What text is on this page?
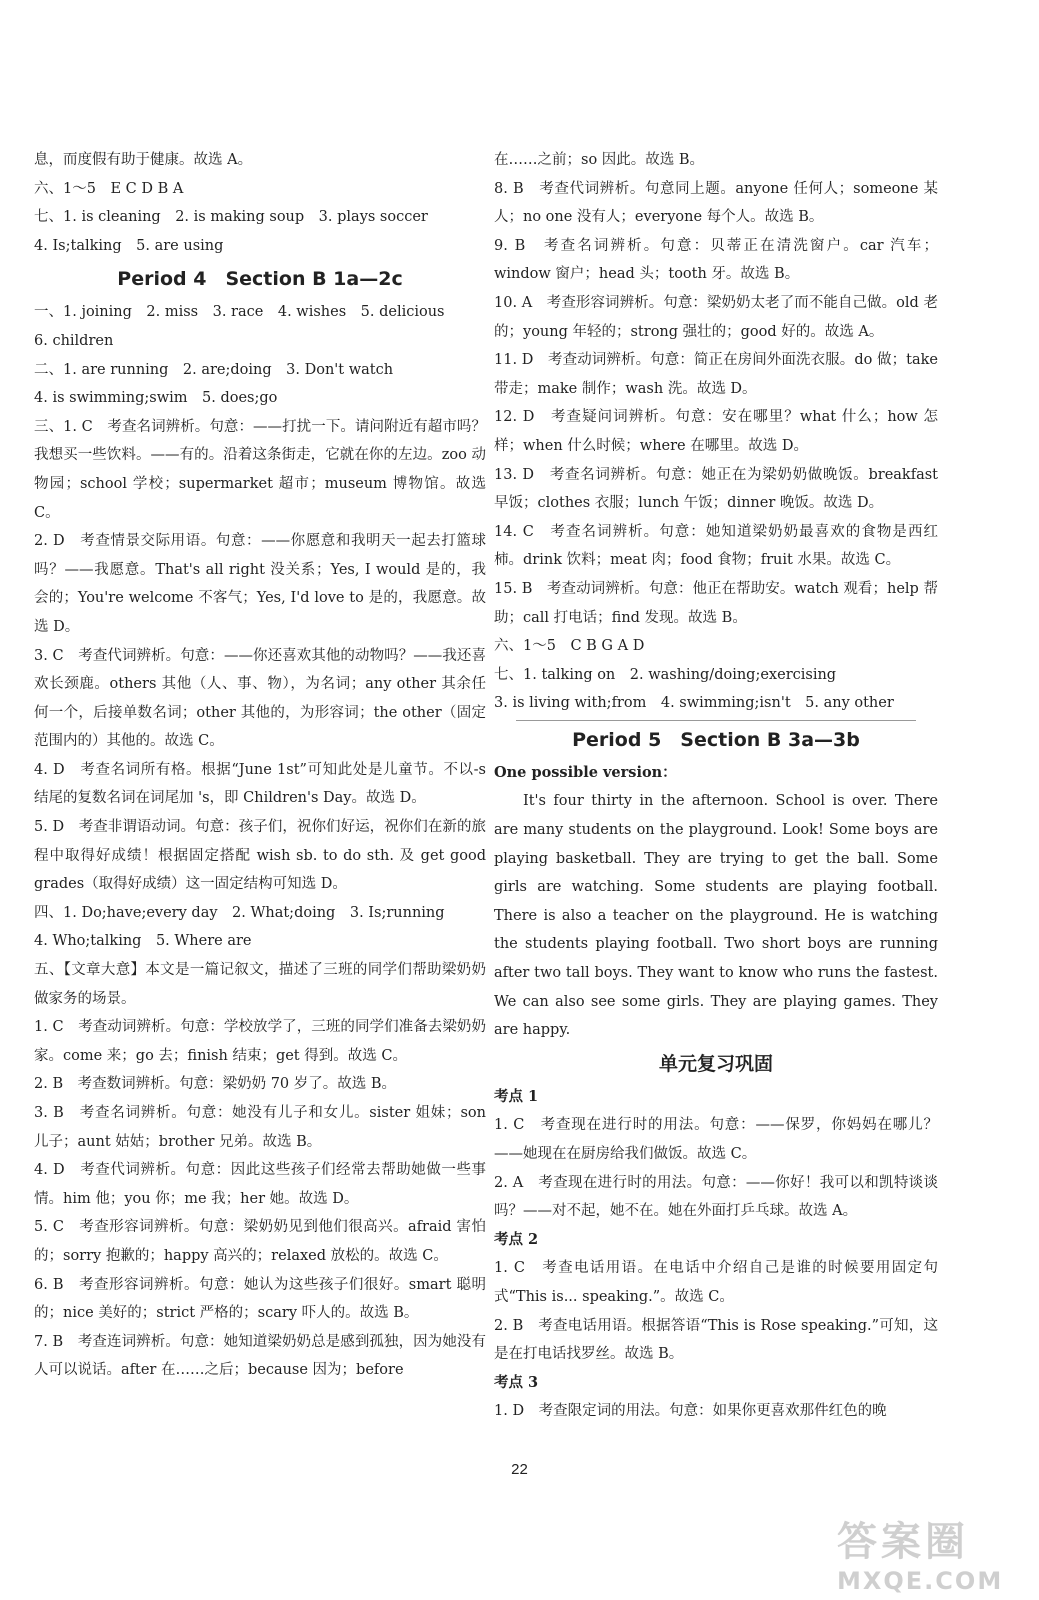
息，而度假有助于健康。故选 A。

六、1～5　E C D B A

七、1. is cleaning　2. is making soup　3. plays soccer

4. Is;talking　5. are using

Period 4　Section B 1a—2c

一、1. joining　2. miss　3. race　4. wishes　5. delicious

6. children

二、1. are running　2. are;doing　3. Don't watch

4. is swimming;swim　5. does;go

三、1. C　考查名词辨析。句意：——打扰一下。请问附近有超市吗？我想买一些饮料。——有的。沿着这条街走，它就在你的左边。zoo 动物园；school 学校；supermarket 超市；museum 博物馆。故选 C。

2. D　考查情景交际用语。句意：——你愿意和我明天一起去打篮球吗？——我愿意。That's all right 没关系；Yes, I would 是的，我会的；You're welcome 不客气；Yes, I'd love to 是的，我愿意。故选 D。

3. C　考查代词辨析。句意：——你还喜欢其他的动物吗？——我还喜欢长颈鹿。others 其他（人、事、物），为名词；any other 其余任何一个，后接单数名词；other 其他的，为形容词；the other（固定范围内的）其他的。故选 C。

4. D　考查名词所有格。根据“June 1st”可知此处是儿童节。不以-s 结尾的复数名词在词尾加 's，即 Children's Day。故选 D。

5. D　考查非谓语动词。句意：孩子们，祝你们好运，祝你们在新的旅程中取得好成绩！根据固定搭配 wish sb. to do sth. 及 get good grades（取得好成绩）这一固定结构可知选 D。

四、1. Do;have;every day　2. What;doing　3. Is;running

4. Who;talking　5. Where are

五、【文章大意】本文是一篇记叙文，描述了三班的同学们帮助梁奶奶做家务的场景。

1. C　考查动词辨析。句意：学校放学了，三班的同学们准备去梁奶奶家。come 来；go 去；finish 结束；get 得到。故选 C。

2. B　考查数词辨析。句意：梁奶奶 70 岁了。故选 B。

3. B　考查名词辨析。句意：她没有儿子和女儿。sister 姐妹；son 儿子；aunt 姑姑；brother 兄弟。故选 B。

4. D　考查代词辨析。句意：因此这些孩子们经常去帮助她做一些事情。him 他；you 你；me 我；her 她。故选 D。

5. C　考查形容词辨析。句意：梁奶奶见到他们很高兴。afraid 害怕的；sorry 抱歉的；happy 高兴的；relaxed 放松的。故选 C。

6. B　考查形容词辨析。句意：她认为这些孩子们很好。smart 聪明的；nice 美好的；strict 严格的；scary 吓人的。故选 B。

7. B　考查连词辨析。句意：她知道梁奶奶总是感到孤独，因为她没有人可以说话。after 在……之后；because 因为；before

在……之前；so 因此。故选 B。

8. B　考查代词辨析。句意同上题。anyone 任何人；someone 某人；no one 没有人；everyone 每个人。故选 B。

9. B　考查名词辨析。句意：贝蒂正在清洗窗户。car 汽车；window 窗户；head 头；tooth 牙。故选 B。

10. A　考查形容词辨析。句意：梁奶奶太老了而不能自己做。old 老的；young 年轻的；strong 强壮的；good 好的。故选 A。

11. D　考查动词辨析。句意：简正在房间外面洗衣服。do 做；take 带走；make 制作；wash 洗。故选 D。

12. D　考查疑问词辨析。句意：安在哪里？what 什么；how 怎样；when 什么时候；where 在哪里。故选 D。

13. D　考查名词辨析。句意：她正在为梁奶奶做晚饭。breakfast 早饭；clothes 衣服；lunch 午饭；dinner 晚饭。故选 D。

14. C　考查名词辨析。句意：她知道梁奶奶最喜欢的食物是西红柿。drink 饮料；meat 肉；food 食物；fruit 水果。故选 C。

15. B　考查动词辨析。句意：他正在帮助安。watch 观看；help 帮助；call 打电话；find 发现。故选 B。

六、1～5　C B G A D

七、1. talking on　2. washing/doing;exercising

3. is living with;from　4. swimming;isn't　5. any other

Period 5　Section B 3a—3b

One possible version：

It's four thirty in the afternoon. School is over. There are many students on the playground. Look! Some boys are playing basketball. They are trying to get the ball. Some girls are watching. Some students are playing football. There is also a teacher on the playground. He is watching the students playing football. Two short boys are running after two tall boys. They want to know who runs the fastest. We can also see some girls. They are playing games. They are happy.

单元复习巩固

考点 1

1. C　考查现在进行时的用法。句意：——保罗，你妈妈在哪儿？——她现在在厨房给我们做饭。故选 C。

2. A　考查现在进行时的用法。句意：——你好！我可以和凯特谈谈吗？——对不起，她不在。她在外面打乒乓球。故选 A。

考点 2

1. C　考查电话用语。在电话中介绍自己是谁的时候要用固定句式“This is... speaking.”。故选 C。

2. B　考查电话用语。根据答语“This is Rose speaking.”可知，这是在打电话找罗丝。故选 B。

考点 3

1. D　考查限定词的用法。句意：如果你更喜欢那件红色的晚

22
答案圈
MXQE.COM
